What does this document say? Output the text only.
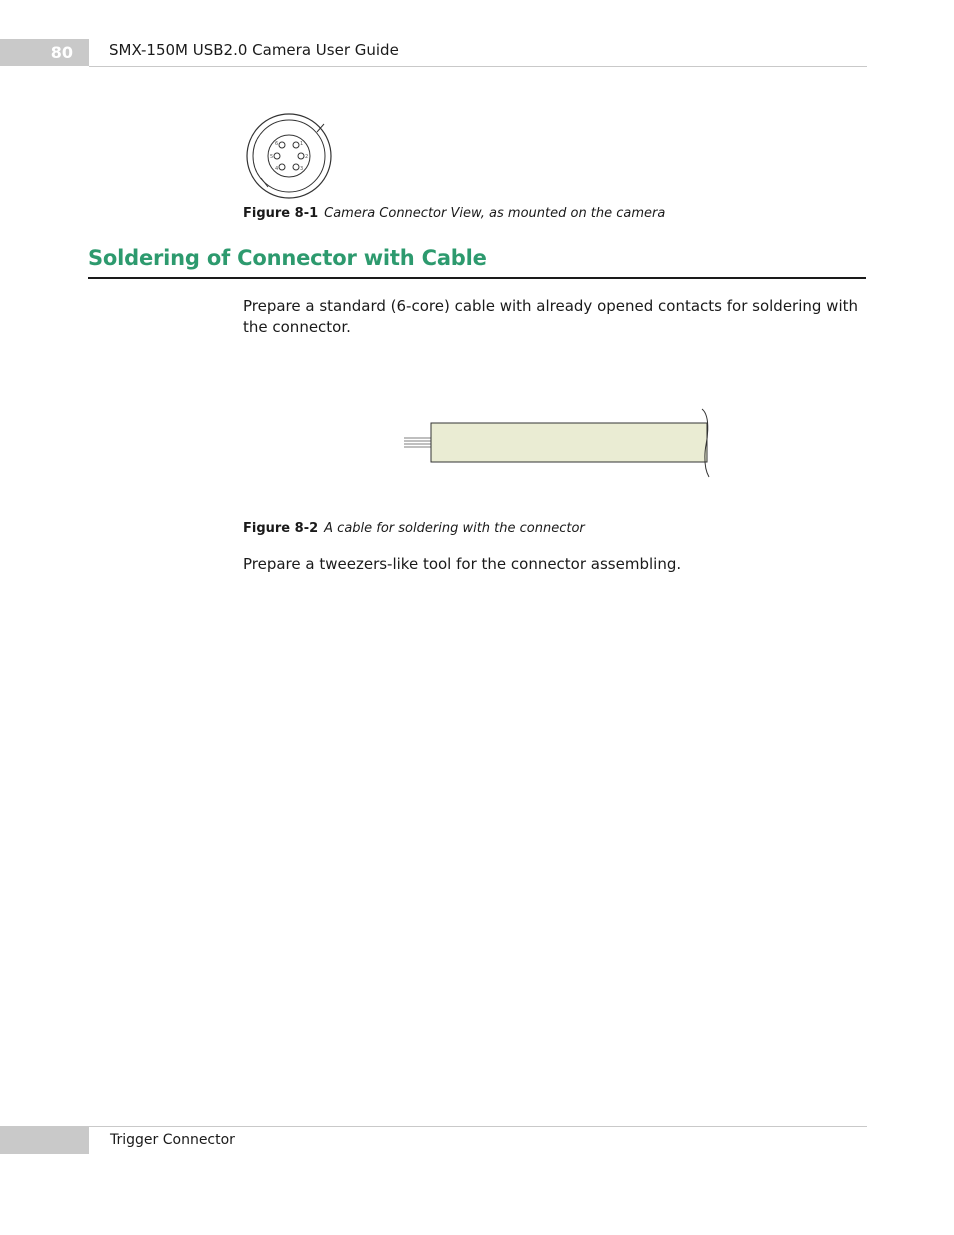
80 SMX-150M USB2.0 Camera User Guide
6	1
5	2
4	3
Figure 8-1 Camera Connector View, as mounted on the camera
Soldering of Connector with Cable
Prepare a standard (6-core) cable with already opened contacts for soldering with the connector.
Figure 8-2 A cable for soldering with the connector
Prepare a tweezers-like tool for the connector assembling.
Trigger Connector
